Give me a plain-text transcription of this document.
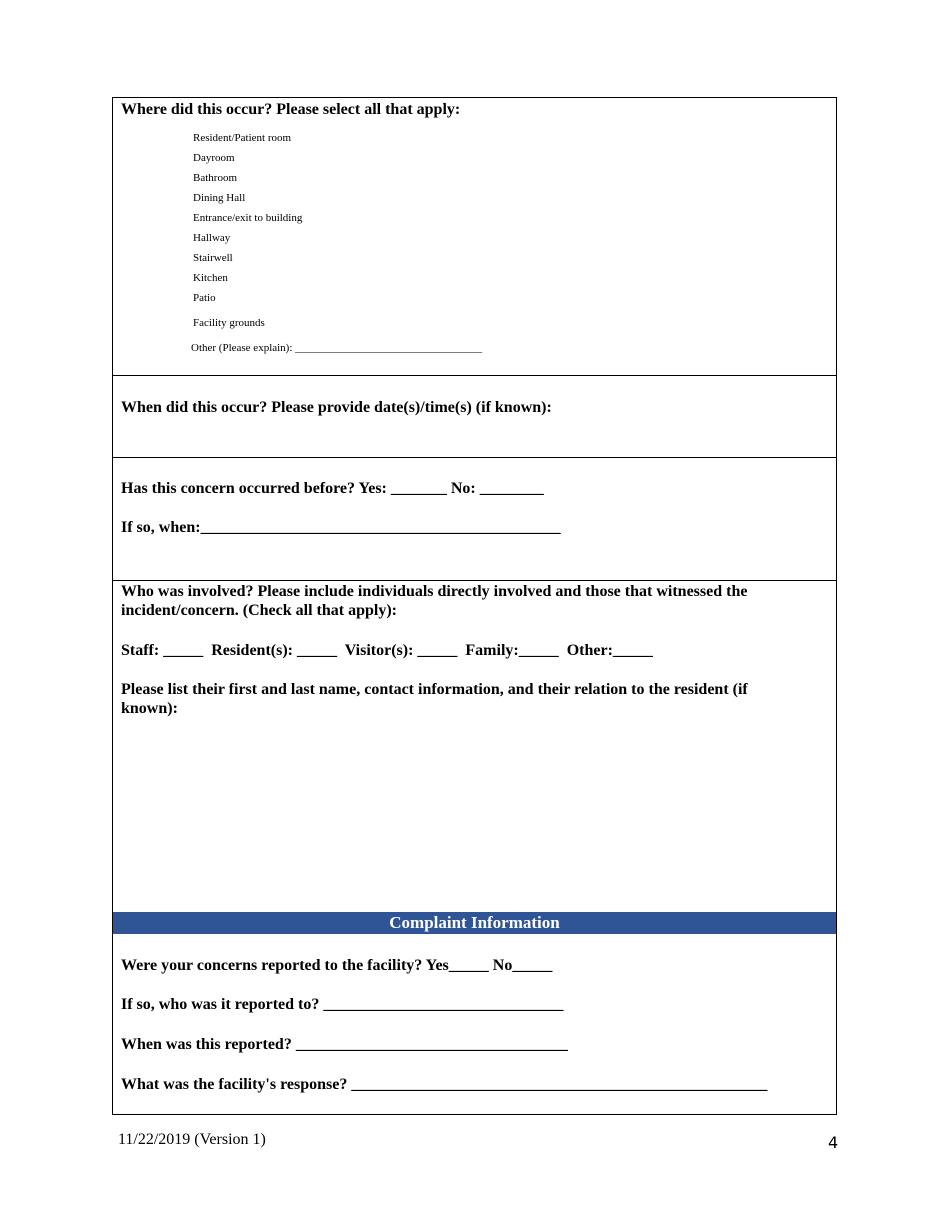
Where did this occur? Please select all that apply:
Resident/Patient room
Dayroom
Bathroom
Dining Hall
Entrance/exit to building
Hallway
Stairwell
Kitchen
Patio
Facility grounds
Other (Please explain): __________________________________
When did this occur? Please provide date(s)/time(s) (if known):
Has this concern occurred before? Yes: _______ No: ________
If so, when:_____________________________________________
Who was involved? Please include individuals directly involved and those that witnessed the
incident/concern. (Check all that apply):
Staff: _____  Resident(s): _____  Visitor(s): _____  Family:_____  Other:_____
Please list their first and last name, contact information, and their relation to the resident (if
known):
Complaint Information
Were your concerns reported to the facility? Yes_____ No_____
If so, who was it reported to? ______________________________
When was this reported? __________________________________
What was the facility's response? ____________________________________________________
11/22/2019 (Version 1)	4
